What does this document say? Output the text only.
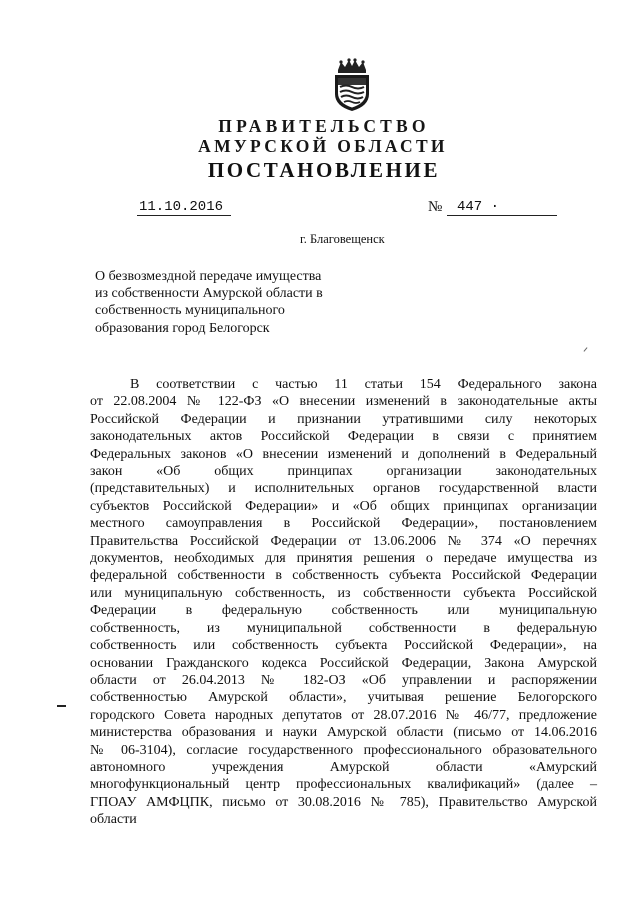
ПРАВИТЕЛЬСТВО
АМУРСКОЙ ОБЛАСТИ
ПОСТАНОВЛЕНИЕ
11.10.2016	№	447 ·
г. Благовещенск
О безвозмездной передаче имущества
из собственности Амурской области в
собственность муниципального
образования город Белогорск
В соответствии с частью 11 статьи 154 Федерального закона
от 22.08.2004 № 122-ФЗ «О внесении изменений в законодательные акты
Российской Федерации и признании утратившими силу некоторых
законодательных актов Российской Федерации в связи с принятием
Федеральных законов «О внесении изменений и дополнений в Федеральный
закон «Об общих принципах организации законодательных
(представительных) и исполнительных органов государственной власти
субъектов Российской Федерации» и «Об общих принципах организации
местного самоуправления в Российской Федерации», постановлением
Правительства Российской Федерации от 13.06.2006 № 374 «О перечнях
документов, необходимых для принятия решения о передаче имущества из
федеральной собственности в собственность субъекта Российской Федерации
или муниципальную собственность, из собственности субъекта Российской
Федерации в федеральную собственность или муниципальную
собственность, из муниципальной собственности в федеральную
собственность или собственность субъекта Российской Федерации», на
основании Гражданского кодекса Российской Федерации, Закона Амурской
области от 26.04.2013 № 182-ОЗ «Об управлении и распоряжении
собственностью Амурской области», учитывая решение Белогорского
городского Совета народных депутатов от 28.07.2016 № 46/77, предложение
министерства образования и науки Амурской области (письмо от 14.06.2016
№ 06-3104), согласие государственного профессионального образовательного
автономного учреждения Амурской области «Амурский
многофункциональный центр профессиональных квалификаций» (далее –
ГПОАУ АМФЦПК, письмо от 30.08.2016 № 785), Правительство Амурской
области
